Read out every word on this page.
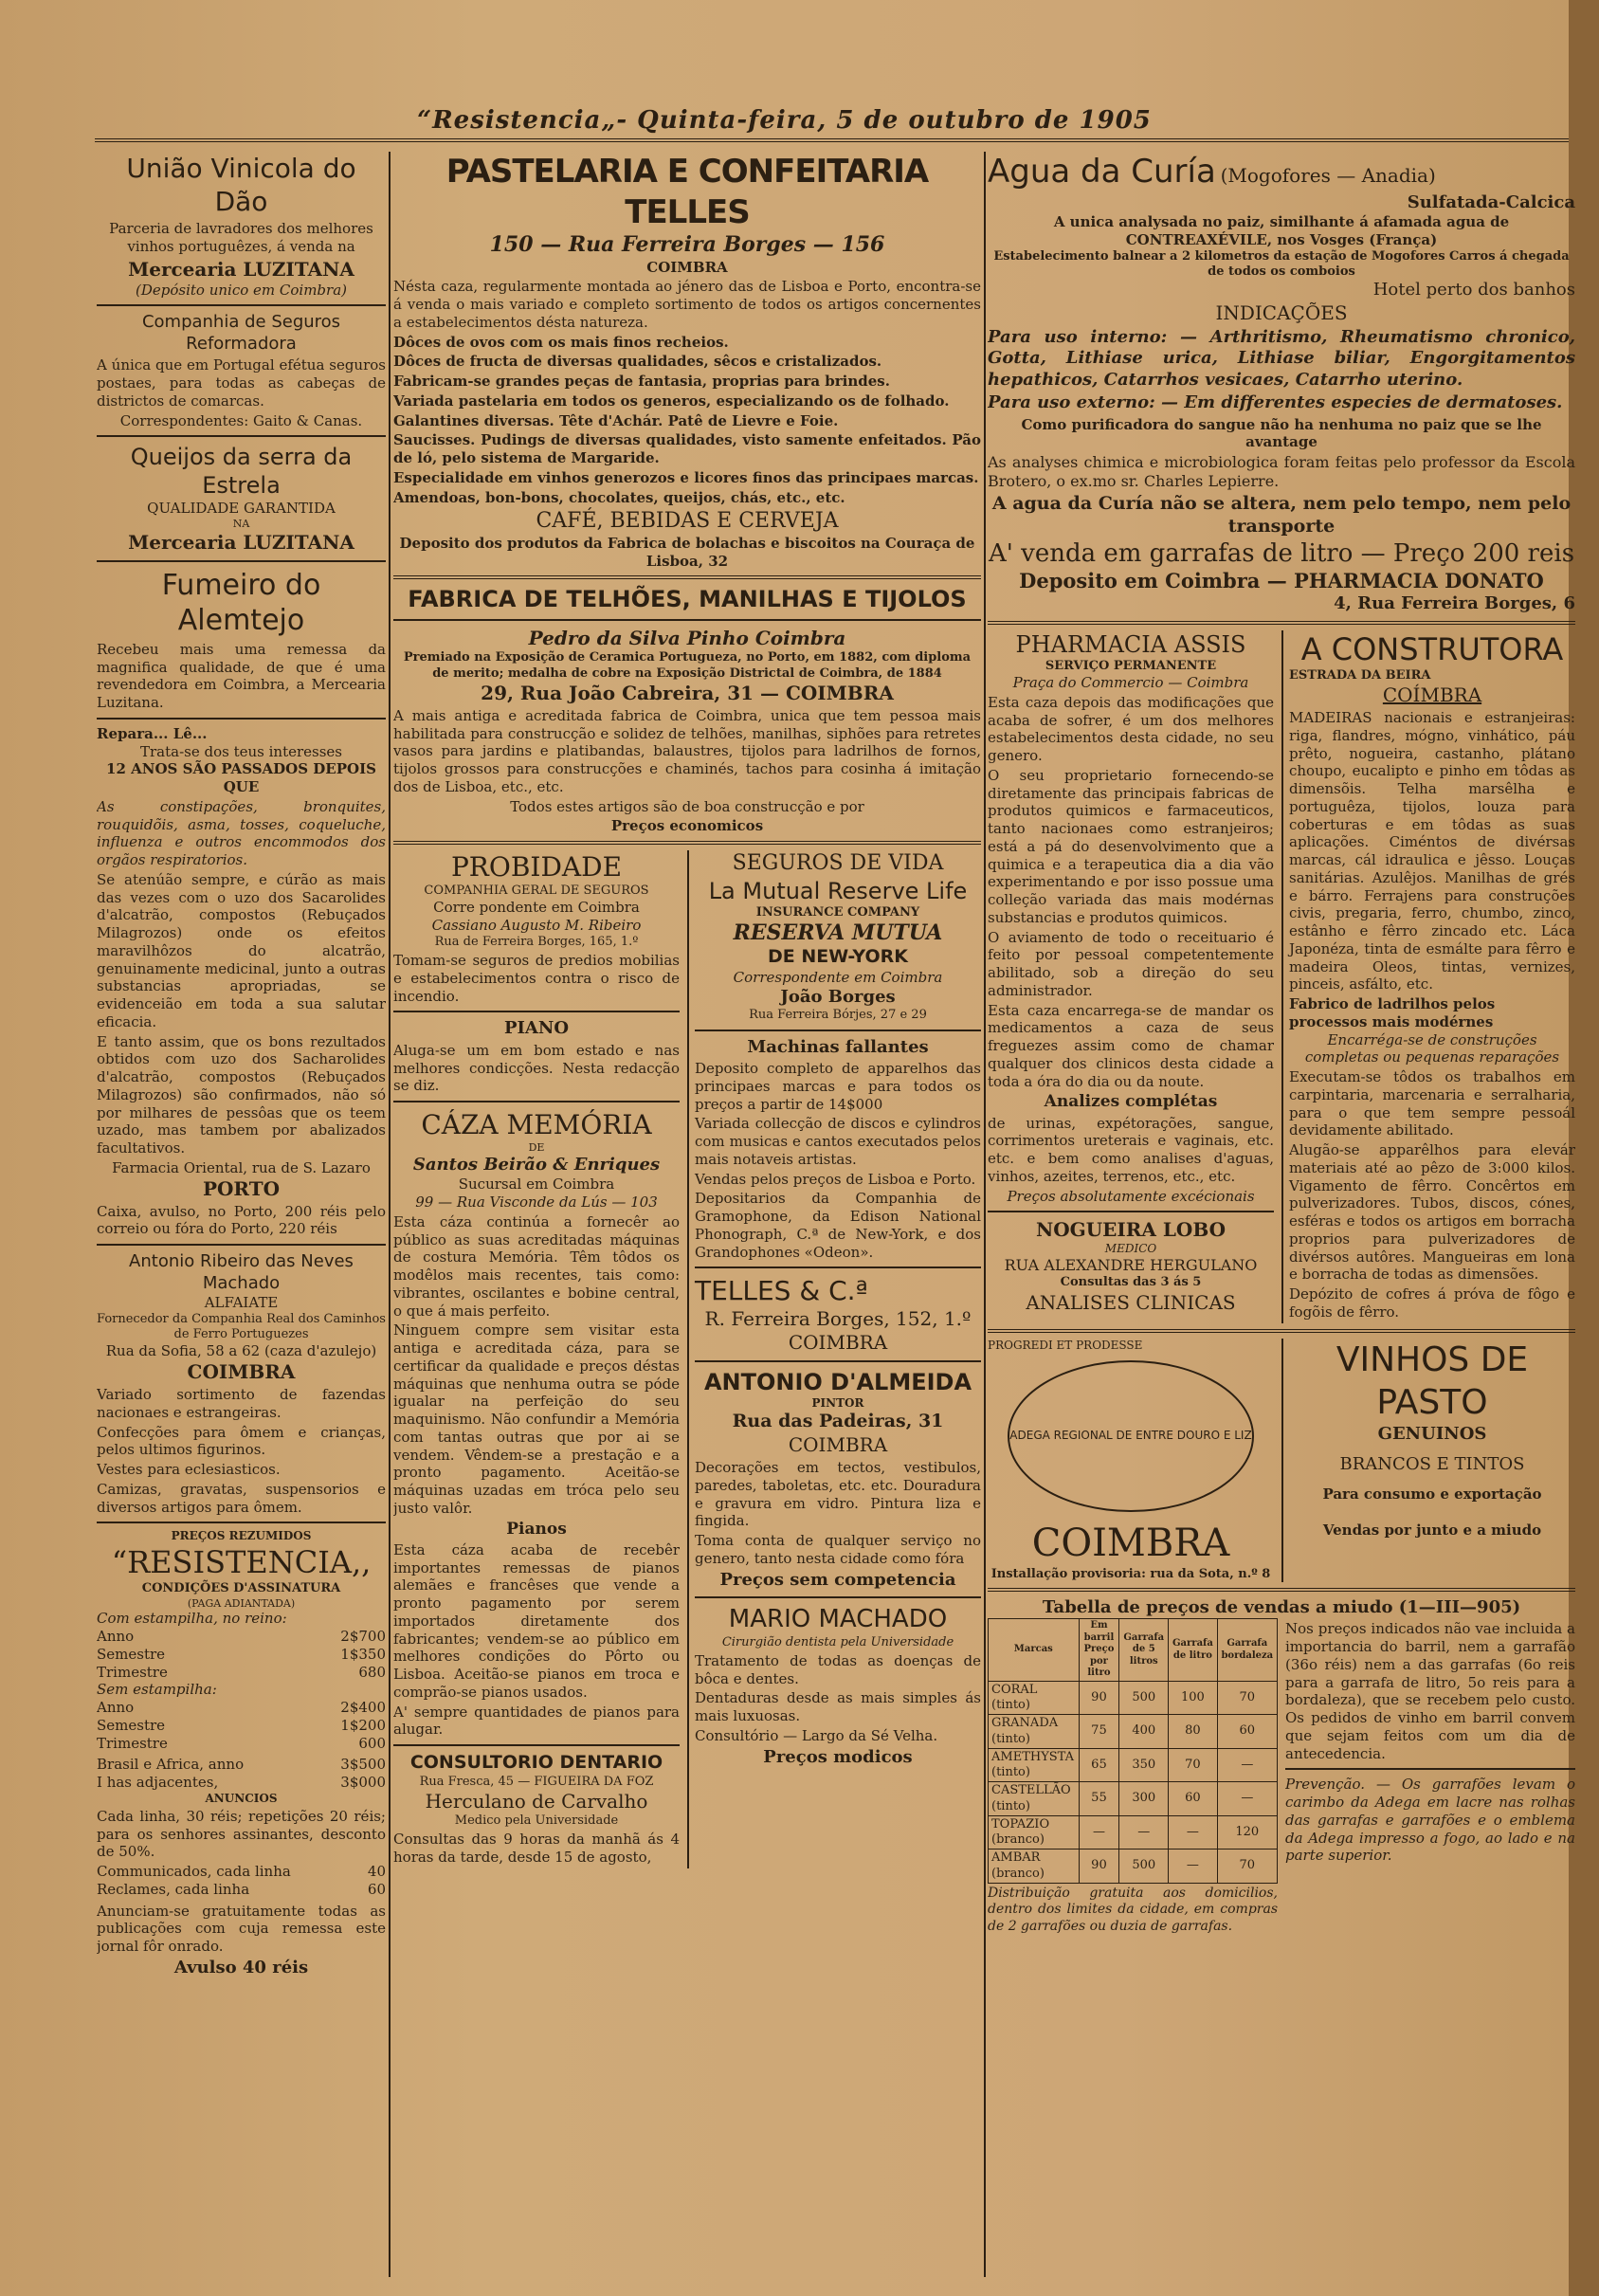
“Resistencia„- Quinta-feira, 5 de outubro de 1905
União Vinicola do Dão

Parceria de lavradores dos melhores vinhos portuguêzes, á venda na

Mercearia LUZITANA
(Depósito unico em Coimbra)
Companhia de Seguros Reformadora

A única que em Portugal efétua seguros postaes, para todas as cabeças de districtos de comarcas.

Correspondentes: Gaito & Canas.

Queijos da serra da Estrela
QUALIDADE GARANTIDA
NA
Mercearia LUZITANA
Fumeiro do Alemtejo

Recebeu mais uma remessa da magnifica qualidade, de que é uma revendedora em Coimbra, a Mercearia Luzitana.

Repara... Lê...
Trata-se dos teus interesses
12 ANOS SÃO PASSADOS DEPOIS QUE

As constipações, bronquites, rouquidõis, asma, tosses, coqueluche, influenza e outros encommodos dos orgãos respiratorios.

Se atenúão sempre, e cúrão as mais das vezes com o uzo dos Sacarolides d'alcatrão, compostos (Rebuçados Milagrozos) onde os efeitos maravilhôzos do alcatrão, genuinamente medicinal, junto a outras substancias apropriadas, se evidenceião em toda a sua salutar eficacia.

E tanto assim, que os bons rezultados obtidos com uzo dos Sacharolides d'alcatrão, compostos (Rebuçados Milagrozos) são confirmados, não só por milhares de pessôas que os teem uzado, mas tambem por abalizados facultativos.

Farmacia Oriental, rua de S. Lazaro
PORTO

Caixa, avulso, no Porto, 200 réis pelo correio ou fóra do Porto, 220 réis

Antonio Ribeiro das Neves Machado
ALFAIATE
Fornecedor da Companhia Real dos Caminhos de Ferro Portuguezes
Rua da Sofia, 58 a 62 (caza d'azulejo)
COIMBRA

Variado sortimento de fazendas nacionaes e estrangeiras.

Confecções para ômem e crianças, pelos ultimos figurinos.

Vestes para eclesiasticos.

Camizas, gravatas, suspensorios e diversos artigos para ômem.

PREÇOS REZUMIDOS
“RESISTENCIA,,
CONDIÇÕES D'ASSINATURA
(PAGA ADIANTADA)
Com estampilha, no reino:
Anno	2$700
Semestre	1$350
Trimestre	680
Sem estampilha:
Anno	2$400
Semestre	1$200
Trimestre	600
Brasil e Africa, anno	3$500
I has adjacentes,	3$000
ANUNCIOS

Cada linha, 30 réis; repetições 20 réis; para os senhores assinantes, desconto de 50%.

Communicados, cada linha	40
Reclames, cada linha	60

Anunciam-se gratuitamente todas as publicações com cuja remessa este jornal fôr onrado.

Avulso 40 réis
PASTELARIA E CONFEITARIA TELLES
150 — Rua Ferreira Borges — 156
COIMBRA

Nésta caza, regularmente montada ao jénero das de Lisboa e Porto, encontra-se á venda o mais variado e completo sortimento de todos os artigos concernentes a estabelecimentos désta natureza.

Dôces de ovos com os mais finos recheios.

Dôces de fructa de diversas qualidades, sêcos e cristalizados.

Fabricam-se grandes peças de fantasia, proprias para brindes.

Variada pastelaria em todos os generos, especializando os de folhado.

Galantines diversas. Tête d'Achár. Patê de Lievre e Foie.

Saucisses. Pudings de diversas qualidades, visto samente enfeitados. Pão de ló, pelo sistema de Margaride.

Especialidade em vinhos generozos e licores finos das principaes marcas.

Amendoas, bon-bons, chocolates, queijos, chás, etc., etc.

CAFÉ, BEBIDAS E CERVEJA
Deposito dos produtos da Fabrica de bolachas e biscoitos na Couraça de Lisboa, 32
FABRICA DE TELHÕES, MANILHAS E TIJOLOS
Pedro da Silva Pinho Coimbra
Premiado na Exposição de Ceramica Portugueza, no Porto, em 1882, com diploma de merito; medalha de cobre na Exposição Districtal de Coimbra, de 1884
29, Rua João Cabreira, 31 — COIMBRA

A mais antiga e acreditada fabrica de Coimbra, unica que tem pessoa mais habilitada para construcção e solidez de telhões, manilhas, siphões para retretes vasos para jardins e platibandas, balaustres, tijolos para ladrilhos de fornos, tijolos grossos para construcções e chaminés, tachos para cosinha á imitação dos de Lisboa, etc., etc.

Todos estes artigos são de boa construcção e por

Preços economicos
PROBIDADE
COMPANHIA GERAL DE SEGUROS
Corre pondente em Coimbra
Cassiano Augusto M. Ribeiro
Rua de Ferreira Borges, 165, 1.º

Tomam-se seguros de predios mobilias e estabelecimentos contra o risco de incendio.

PIANO

Aluga-se um em bom estado e nas melhores condicções. Nesta redacção se diz.

CÁZA MEMÓRIA
DE
Santos Beirão & Enriques
Sucursal em Coimbra
99 — Rua Visconde da Lús — 103

Esta cáza continúa a fornecêr ao público as suas acreditadas máquinas de costura Memória. Têm tôdos os modêlos mais recentes, tais como: vibrantes, oscilantes e bobine central, o que á mais perfeito.

Ninguem compre sem visitar esta antiga e acreditada cáza, para se certificar da qualidade e preços déstas máquinas que nenhuma outra se póde igualar na perfeição do seu maquinismo. Não confundir a Memória com tantas outras que por ai se vendem. Vêndem-se a prestação e a pronto pagamento. Aceitão-se máquinas uzadas em tróca pelo seu justo valôr.

Pianos

Esta cáza acaba de recebêr importantes remessas de pianos alemães e francêses que vende a pronto pagamento por serem importados diretamente dos fabricantes; vendem-se ao público em melhores condições do Pôrto ou Lisboa. Aceitão-se pianos em troca e comprão-se pianos usados.

A' sempre quantidades de pianos para alugar.

CONSULTORIO DENTARIO
Rua Fresca, 45 — FIGUEIRA DA FOZ
Herculano de Carvalho
Medico pela Universidade

Consultas das 9 horas da manhã ás 4 horas da tarde, desde 15 de agosto,

SEGUROS DE VIDA
La Mutual Reserve Life
INSURANCE COMPANY
RESERVA MUTUA
DE NEW-YORK
Correspondente em Coimbra
João Borges
Rua Ferreira Bórjes, 27 e 29
Machinas fallantes

Deposito completo de apparelhos das principaes marcas e para todos os preços a partir de 14$000

Variada collecção de discos e cylindros com musicas e cantos executados pelos mais notaveis artistas.

Vendas pelos preços de Lisboa e Porto.

Depositarios da Companhia de Gramophone, da Edison National Phonograph, C.ª de New-York, e dos Grandophones «Odeon».

TELLES & C.ª
R. Ferreira Borges, 152, 1.º
COIMBRA
ANTONIO D'ALMEIDA
PINTOR
Rua das Padeiras, 31
COIMBRA

Decorações em tectos, vestibulos, paredes, taboletas, etc. etc. Douradura e gravura em vidro. Pintura liza e fingida.

Toma conta de qualquer serviço no genero, tanto nesta cidade como fóra

Preços sem competencia
MARIO MACHADO
Cirurgião dentista pela Universidade

Tratamento de todas as doenças de bôca e dentes.

Dentaduras desde as mais simples ás mais luxuosas.

Consultório — Largo da Sé Velha.

Preços modicos
Agua da Curía (Mogofores — Anadia)
Sulfatada-Calcica
A unica analysada no paiz, similhante á afamada agua de CONTREAXÉVILE, nos Vosges (França)
Estabelecimento balnear a 2 kilometros da estação de Mogofores Carros á chegada de todos os comboios
Hotel perto dos banhos
INDICAÇÕES

Para uso interno: — Arthritismo, Rheumatismo chronico, Gotta, Lithiase urica, Lithiase biliar, Engorgitamentos hepathicos, Catarrhos vesicaes, Catarrho uterino.

Para uso externo: — Em differentes especies de dermatoses.

Como purificadora do sangue não ha nenhuma no paiz que se lhe avantage

As analyses chimica e microbiologica foram feitas pelo professor da Escola Brotero, o ex.mo sr. Charles Lepierre.

A agua da Curía não se altera, nem pelo tempo, nem pelo transporte
A' venda em garrafas de litro — Preço 200 reis
Deposito em Coimbra — PHARMACIA DONATO
4, Rua Ferreira Borges, 6
PHARMACIA ASSIS
SERVIÇO PERMANENTE
Praça do Commercio — Coimbra

Esta caza depois das modificações que acaba de sofrer, é um dos melhores estabelecimentos desta cidade, no seu genero.

O seu proprietario fornecendo-se diretamente das principais fabricas de produtos quimicos e farmaceuticos, tanto nacionaes como estranjeiros; está a pá do desenvolvimento que a quimica e a terapeutica dia a dia vão experimentando e por isso possue uma colleção variada das mais modérnas substancias e produtos quimicos.

O aviamento de todo o receituario é feito por pessoal competentemente abilitado, sob a direção do seu administrador.

Esta caza encarrega-se de mandar os medicamentos a caza de seus freguezes assim como de chamar qualquer dos clinicos desta cidade a toda a óra do dia ou da noute.

Analizes complétas

de urinas, expétorações, sangue, corrimentos ureterais e vaginais, etc. etc. e bem como analises d'aguas, vinhos, azeites, terrenos, etc., etc.

Preços absolutamente excécionais
NOGUEIRA LOBO
MEDICO
RUA ALEXANDRE HERGULANO
Consultas das 3 ás 5
ANALISES CLINICAS
A CONSTRUTORA
ESTRADA DA BEIRA
COÍMBRA

MADEIRAS nacionais e estranjeiras: riga, flandres, mógno, vinhático, páu prêto, nogueira, castanho, plátano choupo, eucalipto e pinho em tôdas as dimensõis. Telha marsêlha e portuguêza, tijolos, louza para coberturas e em tôdas as suas aplicações. Ciméntos de divérsas marcas, cál idraulica e jêsso. Louças sanitárias. Azulêjos. Manilhas de grés e bárro. Ferrajens para construções civis, pregaria, ferro, chumbo, zinco, estânho e fêrro zincado etc. Láca Japonéza, tinta de esmálte para fêrro e madeira Oleos, tintas, vernizes, pinceis, asfálto, etc.

Fabrico de ladrilhos pelos processos mais modérnes
Encarréga-se de construções completas ou pequenas reparações

Executam-se tôdos os trabalhos em carpintaria, marcenaria e serralharia, para o que tem sempre pessoál devidamente abilitado.

Alugão-se apparêlhos para elevár materiais até ao pêzo de 3:000 kilos. Vigamento de fêrro. Concêrtos em pulverizadores. Tubos, discos, cónes, esféras e todos os artigos em borracha proprios para pulverizadores de divérsos autôres. Mangueiras em lona e borracha de todas as dimensões.

Depózito de cofres á próva de fôgo e fogõis de fêrro.

PROGREDI ET PRODESSE
ADEGA REGIONAL DE ENTRE DOURO E LIZ
COIMBRA
Installação provisoria: rua da Sota, n.º 8
VINHOS DE PASTO
GENUINOS
BRANCOS E TINTOS
Para consumo e exportação
Vendas por junto e a miudo
Tabella de preços de vendas a miudo (1—III—905)
Marcas	Em barril Preço por litro	Garrafa de 5 litros	Garrafa de litro	Garrafa bordaleza
CORAL (tinto)	90	500	100	70
GRANADA (tinto)	75	400	80	60
AMETHYSTA (tinto)	65	350	70	—
CASTELLÃO (tinto)	55	300	60	—
TOPAZIO (branco)	—	—	—	120
AMBAR (branco)	90	500	—	70

Distribuição gratuita aos domicilios, dentro dos limites da cidade, em compras de 2 garrafões ou duzia de garrafas.

Nos preços indicados não vae incluida a importancia do barril, nem a garrafão (36o réis) nem a das garrafas (6o reis para a garrafa de litro, 5o reis para a bordaleza), que se recebem pelo custo. Os pedidos de vinho em barril convem que sejam feitos com um dia de antecedencia.

Prevenção. — Os garrafões levam o carimbo da Adega em lacre nas rolhas das garrafas e garrafões e o emblema da Adega impresso a fogo, ao lado e na parte superior.
